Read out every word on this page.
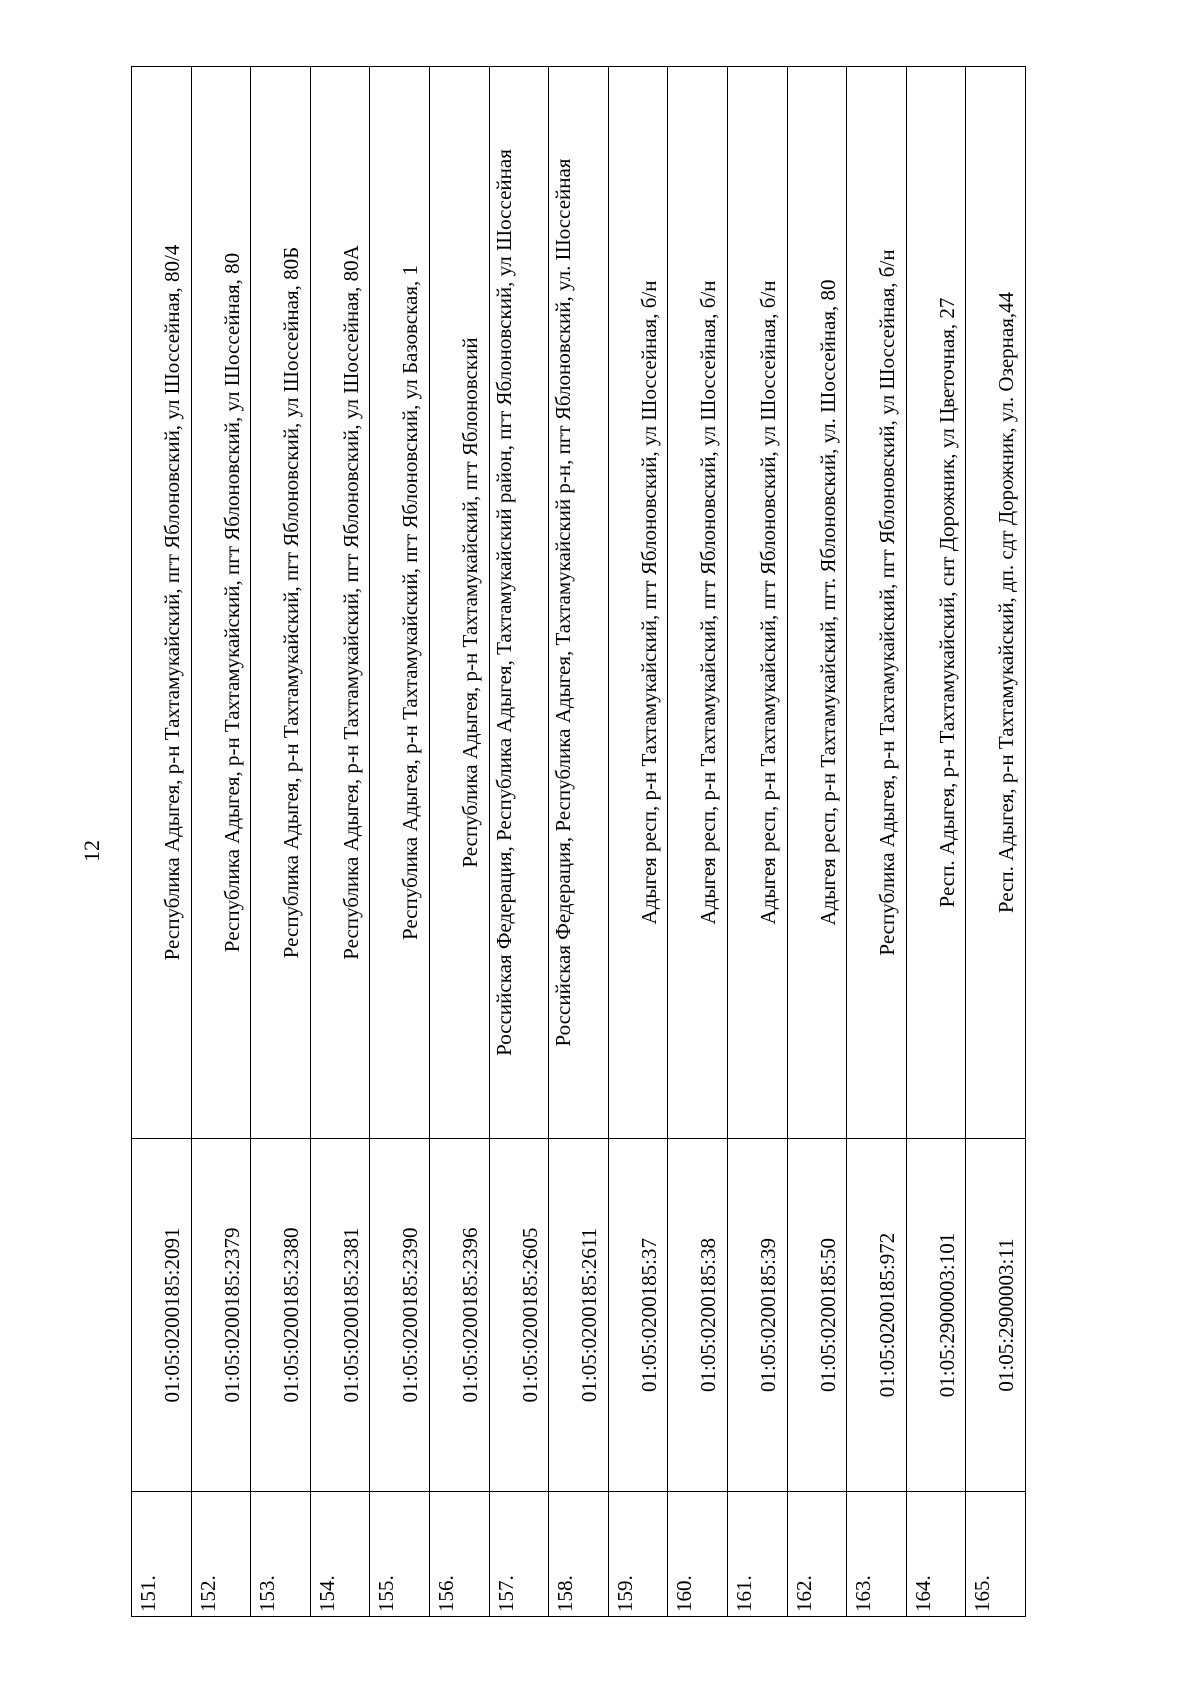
12
151.	01:05:0200185:2091	Республика Адыгея, р-н Тахтамукайский, пгт Яблоновский, ул Шоссейная, 80/4
152.	01:05:0200185:2379	Республика Адыгея, р-н Тахтамукайский, пгт Яблоновский, ул Шоссейная, 80
153.	01:05:0200185:2380	Республика Адыгея, р-н Тахтамукайский, пгт Яблоновский, ул Шоссейная, 80Б
154.	01:05:0200185:2381	Республика Адыгея, р-н Тахтамукайский, пгт Яблоновский, ул Шоссейная, 80А
155.	01:05:0200185:2390	Республика Адыгея, р-н Тахтамукайский, пгт Яблоновский, ул Базовская, 1
156.	01:05:0200185:2396	Республика Адыгея, р-н Тахтамукайский, пгт Яблоновский
157.	01:05:0200185:2605	Российская Федерация, Республика Адыгея, Тахтамукайский район, пгт Яблоновский, ул Шоссейная
158.	01:05:0200185:2611	Российская Федерация, Республика Адыгея, Тахтамукайский р-н, пгт Яблоновский, ул. Шоссейная
159.	01:05:0200185:37	Адыгея респ, р-н Тахтамукайский, пгт Яблоновский, ул Шоссейная, б/н
160.	01:05:0200185:38	Адыгея респ, р-н Тахтамукайский, пгт Яблоновский, ул Шоссейная, б/н
161.	01:05:0200185:39	Адыгея респ, р-н Тахтамукайский, пгт Яблоновский, ул Шоссейная, б/н
162.	01:05:0200185:50	Адыгея респ, р-н Тахтамукайский, пгт. Яблоновский, ул. Шоссейная, 80
163.	01:05:0200185:972	Республика Адыгея, р-н Тахтамукайский, пгт Яблоновский, ул Шоссейная, б/н
164.	01:05:2900003:101	Респ. Адыгея, р-н Тахтамукайский, снт Дорожник, ул Цветочная, 27
165.	01:05:2900003:11	Респ. Адыгея, р-н Тахтамукайский, дп. сдт Дорожник, ул. Озерная,44
